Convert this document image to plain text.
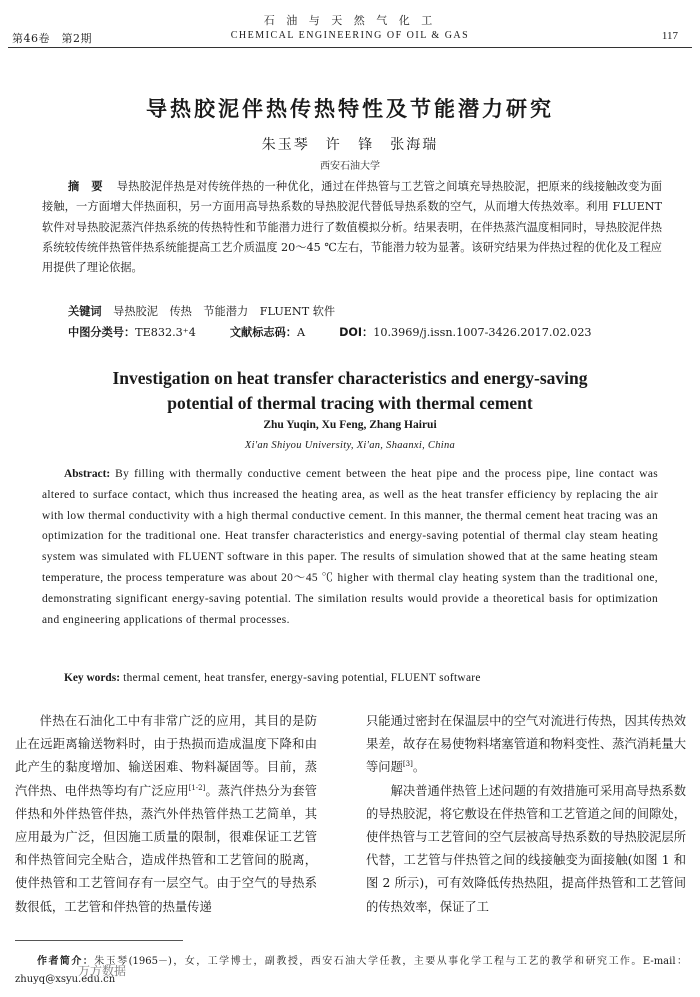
第46卷　第2期
石 油 与 天 然 气 化 工
CHEMICAL ENGINEERING OF OIL & GAS	117
导热胶泥伴热传热特性及节能潜力研究
朱玉琴　许 锋　张海瑞
西安石油大学
摘 要 导热胶泥伴热是对传统伴热的一种优化，通过在伴热管与工艺管之间填充导热胶泥，把原来的线接触改变为面接触，一方面增大伴热面积，另一方面用高导热系数的导热胶泥代替低导热系数的空气，从而增大传热效率。利用 FLUENT 软件对导热胶泥蒸汽伴热系统的传热特性和节能潜力进行了数值模拟分析。结果表明，在伴热蒸汽温度相同时，导热胶泥伴热系统较传统伴热管伴热系统能提高工艺介质温度 20～45 ℃左右，节能潜力较为显著。该研究结果为伴热过程的优化及工程应用提供了理论依据。
关键词 导热胶泥 传热 节能潜力 FLUENT 软件
中图分类号：TE832.3⁺4	文献标志码：A	DOI：10.3969/j.issn.1007-3426.2017.02.023
Investigation on heat transfer characteristics and energy-saving
potential of thermal tracing with thermal cement
Zhu Yuqin, Xu Feng, Zhang Hairui
Xi'an Shiyou University, Xi'an, Shaanxi, China
Abstract: By filling with thermally conductive cement between the heat pipe and the process pipe, line contact was altered to surface contact, which thus increased the heating area, as well as the heat transfer efficiency by replacing the air with low thermal conductivity with a high thermal conductive cement. In this manner, the thermal cement heat tracing was an optimization for the traditional one. Heat transfer characteristics and energy-saving potential of thermal clay steam heating system was simulated with FLUENT software in this paper. The results of simulation showed that at the same heating steam temperature, the process temperature was about 20～45 ℃ higher with thermal clay heating system than the traditional one, demonstrating significant energy-saving potential. The similation results would provide a theoretical basis for optimization and engineering applications of thermal processes.
Key words: thermal cement, heat transfer, energy-saving potential, FLUENT software

伴热在石油化工中有非常广泛的应用，其目的是防止在远距离输送物料时，由于热损而造成温度下降和由此产生的黏度增加、输送困难、物料凝固等。目前，蒸汽伴热、电伴热等均有广泛应用[1-2]。蒸汽伴热分为套管伴热和外伴热管伴热，蒸汽外伴热管伴热工艺简单，其应用最为广泛，但因施工质量的限制，很难保证工艺管和伴热管间完全贴合，造成伴热管和工艺管间的脱离，使伴热管和工艺管间存有一层空气。由于空气的导热系数很低，工艺管和伴热管的热量传递

只能通过密封在保温层中的空气对流进行传热，因其传热效果差，故存在易使物料堵塞管道和物料变性、蒸汽消耗量大等问题[3]。

解决普通伴热管上述问题的有效措施可采用高导热系数的导热胶泥，将它敷设在伴热管和工艺管道之间的间隙处，使伴热管与工艺管间的空气层被高导热系数的导热胶泥层所代替，工艺管与伴热管之间的线接触变为面接触(如图 1 和图 2 所示)，可有效降低传热热阻，提高伴热管和工艺管间的传热效率，保证了工

作者简介：朱玉琴(1965－)，女，工学博士，副教授，西安石油大学任教，主要从事化学工程与工艺的教学和研究工作。E-mail：zhuyq@xsyu.edu.cn
万方数据
